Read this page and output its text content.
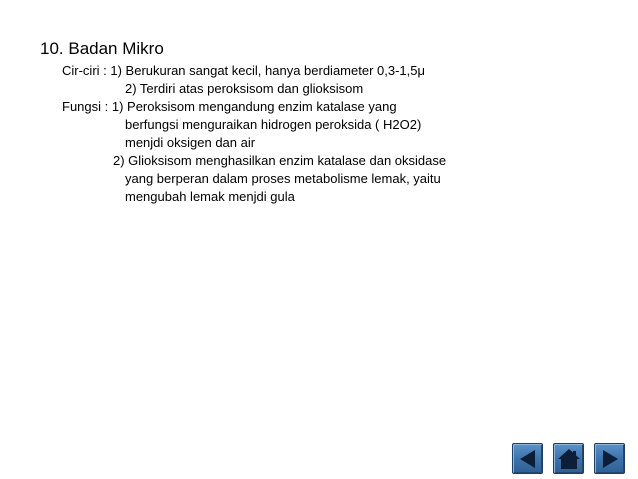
10. Badan Mikro
Cir-ciri : 1) Berukuran sangat kecil, hanya berdiameter 0,3-1,5μ
2) Terdiri atas peroksisom dan glioksisom
Fungsi : 1) Peroksisom mengandung enzim katalase yang
berfungsi menguraikan hidrogen peroksida ( H2O2)
menjdi oksigen dan air
2) Glioksisom menghasilkan enzim katalase dan oksidase
yang berperan dalam proses metabolisme lemak, yaitu
mengubah lemak menjdi gula
